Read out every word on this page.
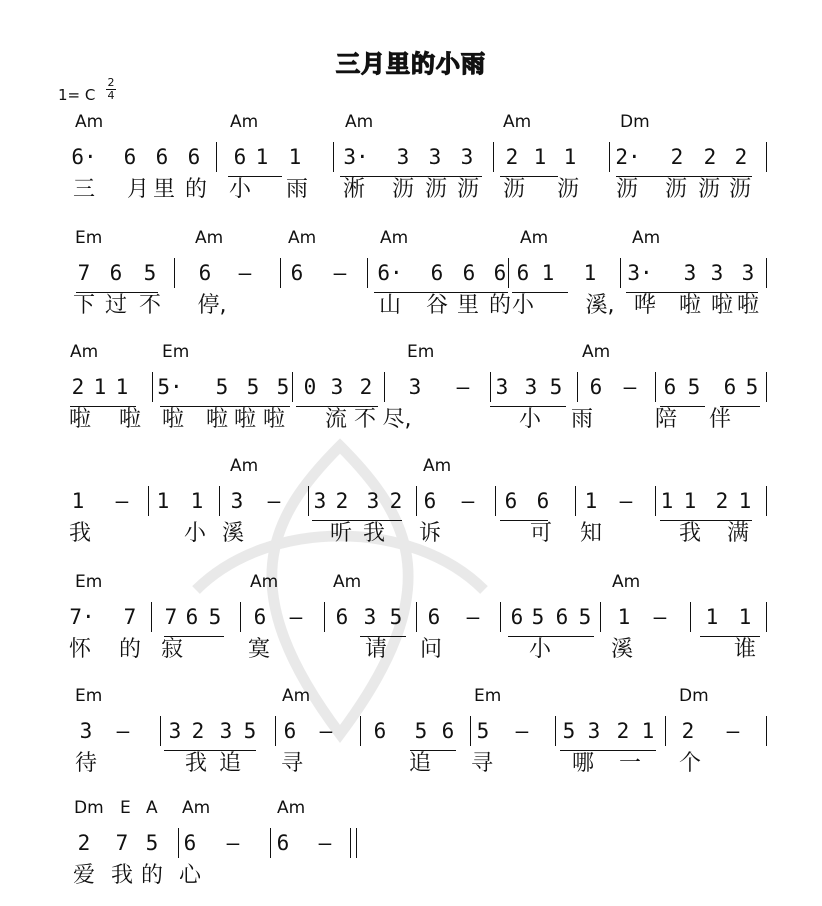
三月里的小雨
1= C
2
4
Am	Am	Am	Am	Dm
6· 6 6 6 6 1 1 3· 3 3 3 2 1 1 2· 2 2 2
三 月 里 的 小 雨 淅 沥 沥 沥 沥 沥 沥 沥 沥 沥
Em	Am	Am	Am	Am	Am
7 6 5 6 — 6 — 6· 6 6 6 6 1 1 3· 3 3 3
下 过 不 停,	山 谷 里 的 小 溪, 哗 啦 啦 啦
Am	Em	Em	Am
2 1 1 5· 5 5 5 0 3 2 3 — 3 3 5 6 — 6 5 6 5
啦 啦 啦 啦 啦 啦 流 不 尽,	小 雨	陪 伴
Am	Am
1 — 1 1 3 — 3 2 3 2 6 — 6 6 1 — 1 1 2 1
我	小 溪	听 我 诉	可 知	我 满
Em	Am	Am	Am
7· 7 7 6 5 6 — 6 3 5 6 — 6 5 6 5 1 — 1 1
怀 的 寂	寞	请 问	小	溪	谁
Em	Am	Em	Dm
3 — 3 2 3 5 6 — 6 5 6 5 — 5 3 2 1 2 —
待	我 追 寻	追 寻	哪 一 个
Dm E A Am	Am
2 7 5 6 — 6 —
爱 我 的 心
